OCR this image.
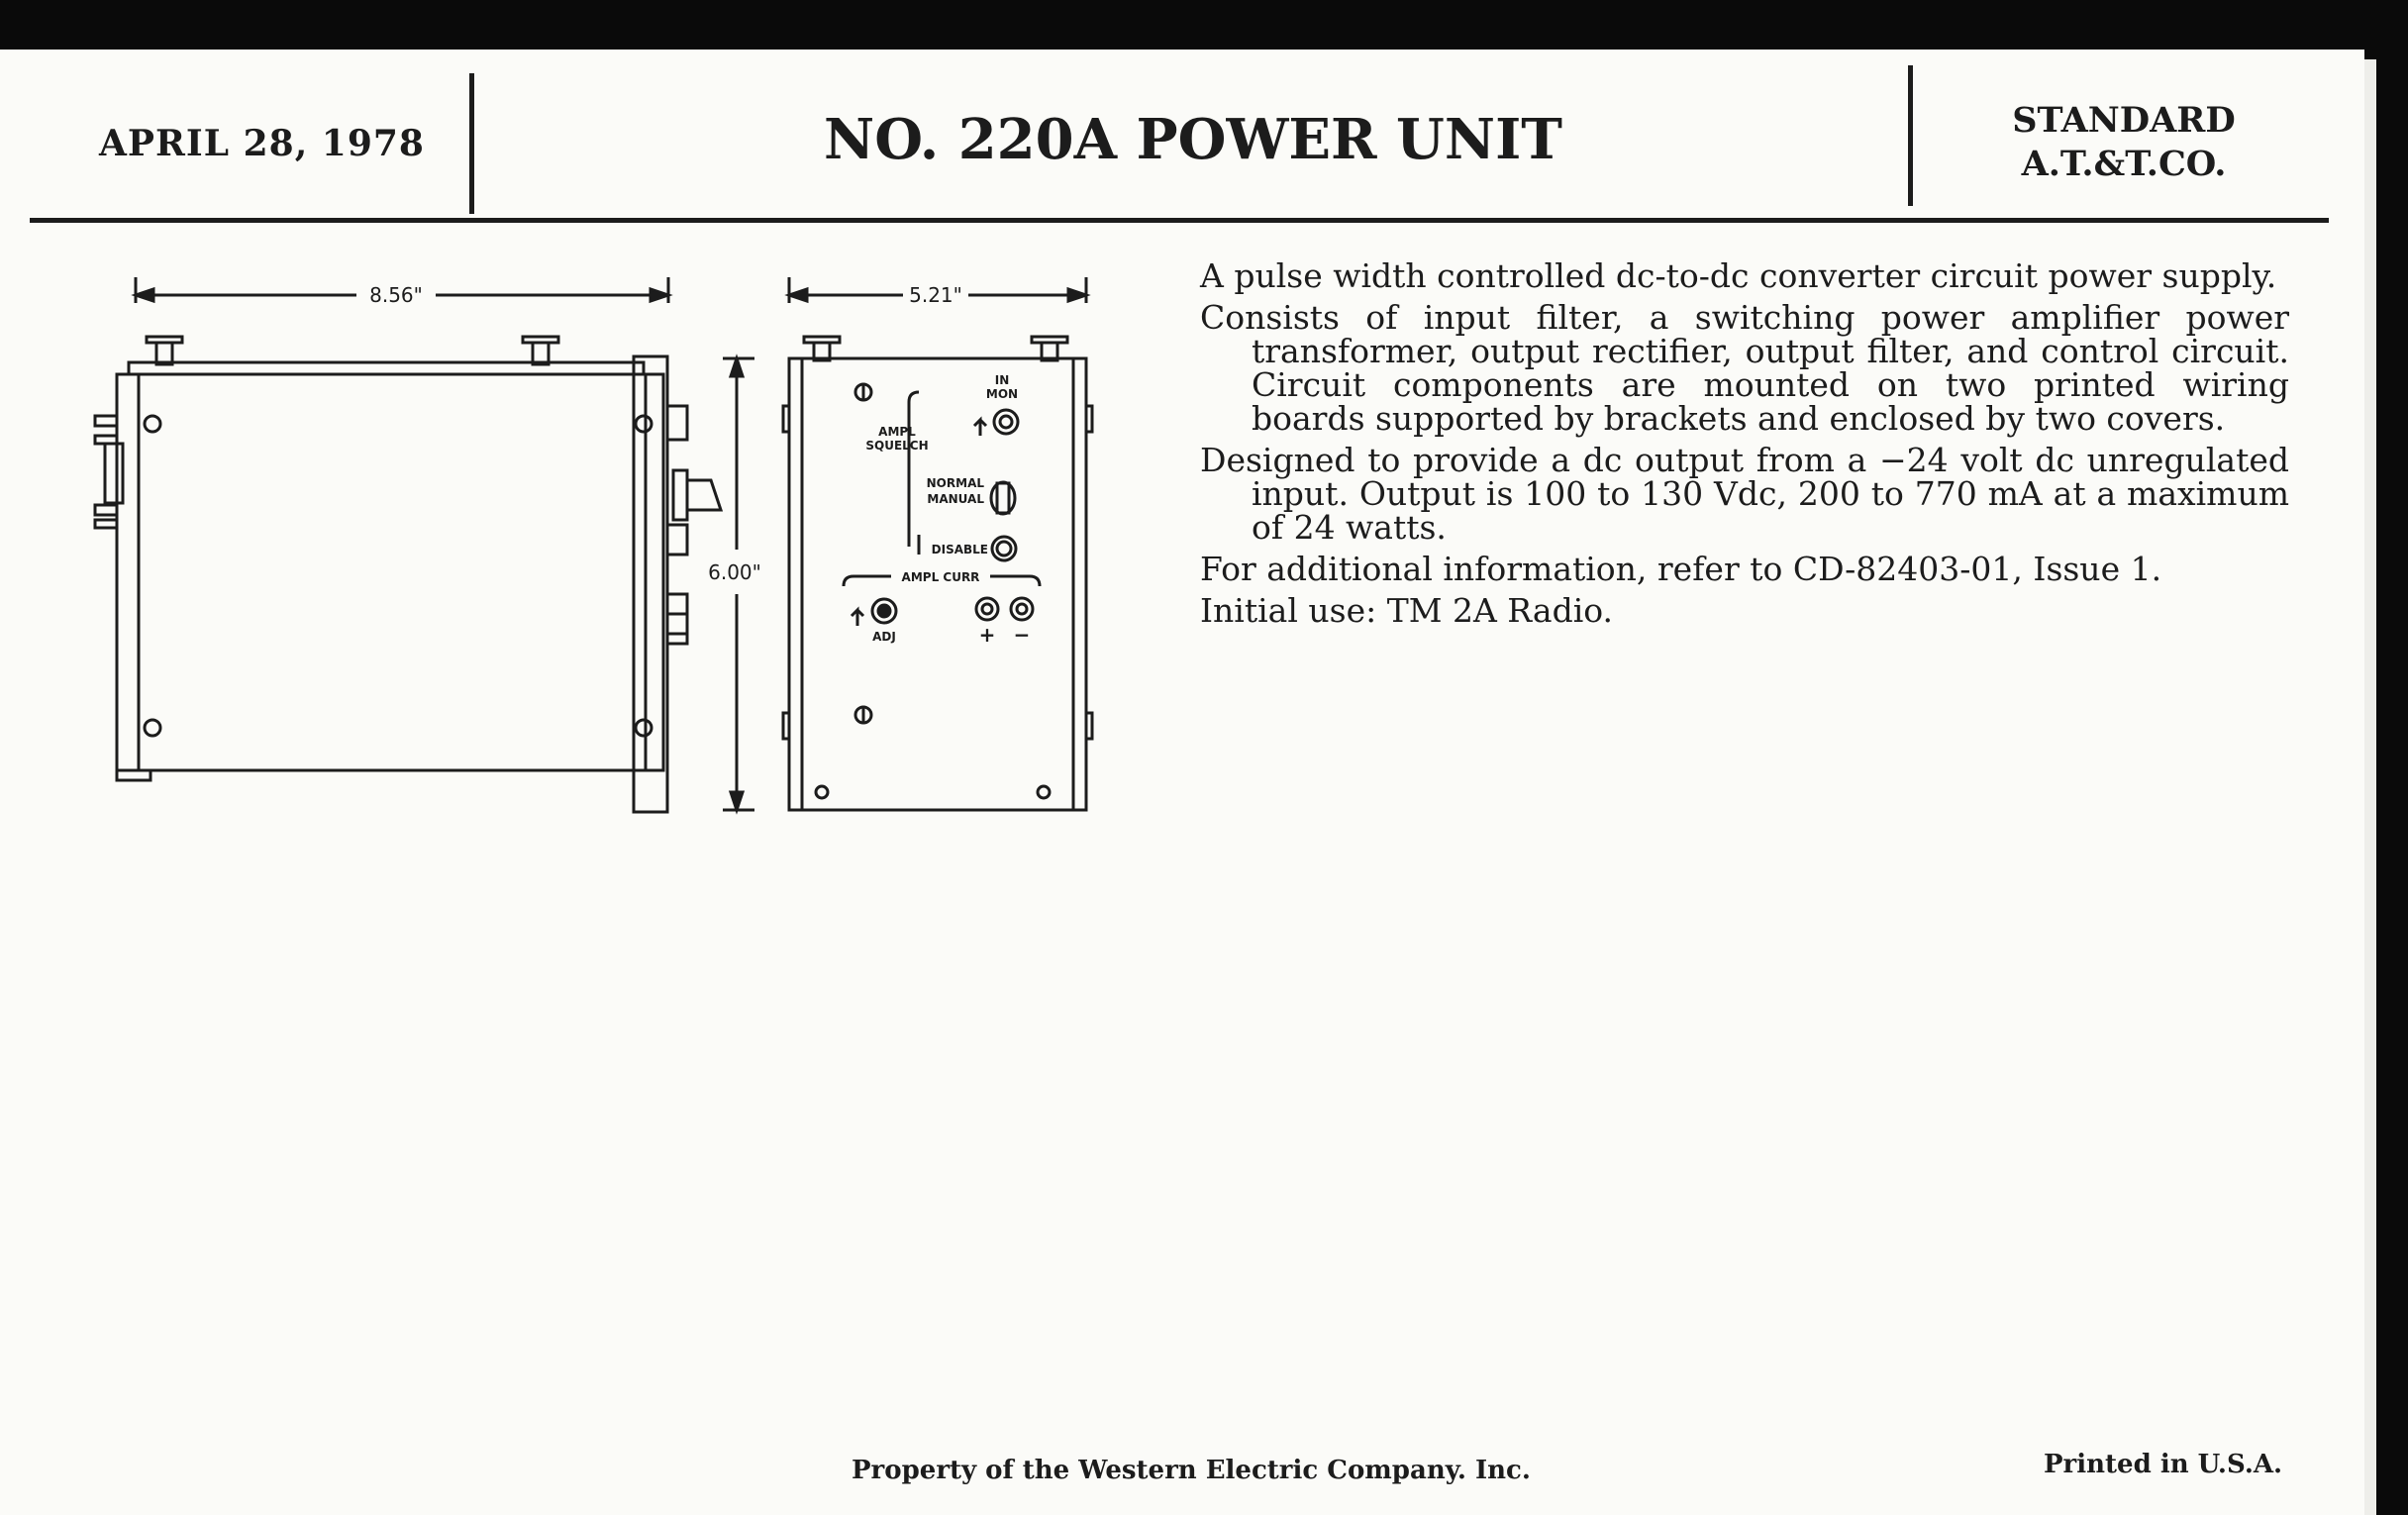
APRIL 28, 1978	NO. 220A POWER UNIT	STANDARD
A.T.&T.CO.
8.56"	5.21"
6.00"
IN
MON
AMPL
SQUELCH
NORMAL
MANUAL
DISABLE
AMPL CURR
ADJ	+ −

A pulse width controlled dc-to-dc converter circuit power supply.

Consists of input filter, a switching power amplifier power transformer, output rectifier, output filter, and control circuit. Circuit components are mounted on two printed wiring boards supported by brackets and enclosed by two covers.

Designed to provide a dc output from a −24 volt dc unregulated input. Output is 100 to 130 Vdc, 200 to 770 mA at a maximum of 24 watts.

For additional information, refer to CD-82403-01, Issue 1.

Initial use: TM 2A Radio.

Property of the Western Electric Company. Inc.	Printed in U.S.A.
